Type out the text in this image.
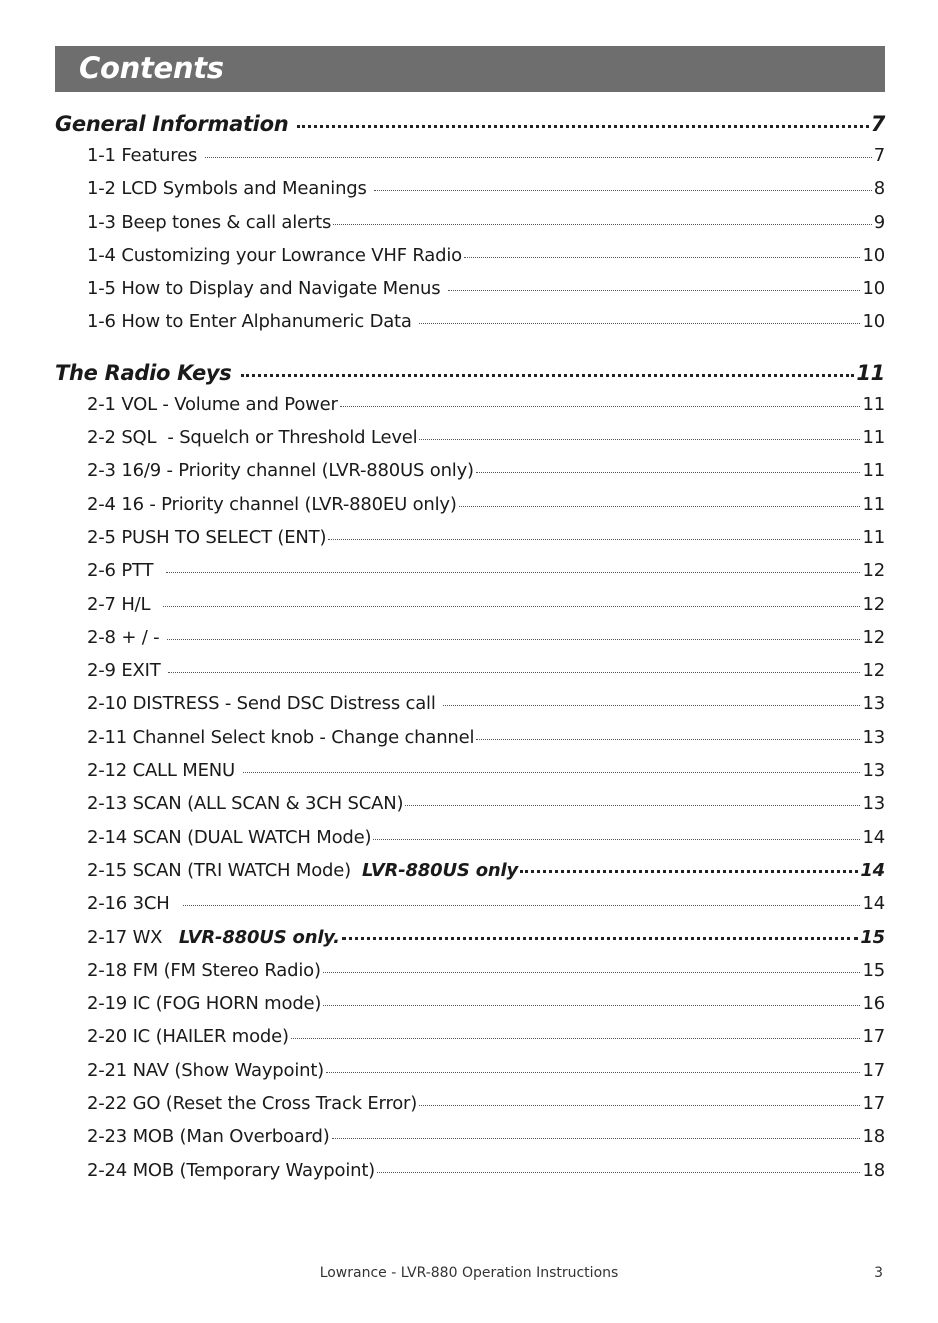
Contents
General Information	7
1-1 Features	7
1-2 LCD Symbols and Meanings	8
1-3 Beep tones & call alerts	9
1-4 Customizing your Lowrance VHF Radio	10
1-5 How to Display and Navigate Menus	10
1-6 How to Enter Alphanumeric Data	10
The Radio Keys	11
2-1 VOL - Volume and Power	11
2-2 SQL  - Squelch or Threshold Level	11
2-3 16/9 - Priority channel (LVR-880US only)	11
2-4 16 - Priority channel (LVR-880EU only)	11
2-5 PUSH TO SELECT (ENT)	11
2-6 PTT	12
2-7 H/L	12
2-8 + / -	12
2-9 EXIT	12
2-10 DISTRESS - Send DSC Distress call	13
2-11 Channel Select knob - Change channel	13
2-12 CALL MENU	13
2-13 SCAN (ALL SCAN & 3CH SCAN)	13
2-14 SCAN (DUAL WATCH Mode)	14
2-15 SCAN (TRI WATCH Mode)  LVR-880US only	14
2-16 3CH	14
2-17 WX   LVR-880US only.	15
2-18 FM (FM Stereo Radio)	15
2-19 IC (FOG HORN mode)	16
2-20 IC (HAILER mode)	17
2-21 NAV (Show Waypoint)	17
2-22 GO (Reset the Cross Track Error)	17
2-23 MOB (Man Overboard)	18
2-24 MOB (Temporary Waypoint)	18
Lowrance - LVR-880 Operation Instructions	3
